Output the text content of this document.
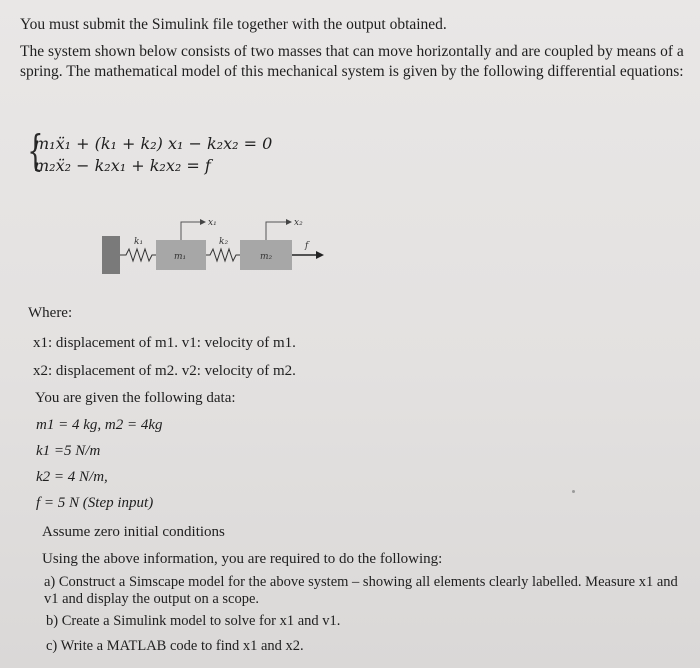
You must submit the Simulink file together with the output obtained.
The system shown below consists of two masses that can move horizontally and are coupled by means of a spring. The mathematical model of this mechanical system is given by the following differential equations:
{
m₁ẍ₁ + (k₁ + k₂) x₁ − k₂x₂ = 0
m₂ẍ₂ − k₂x₁ + k₂x₂ = f
k₁
m₁
x₁
k₂
m₂
x₂
f
Where:
x1: displacement of m1. v1: velocity of m1.
x2: displacement of m2. v2: velocity of m2.
You are given the following data:
m1 = 4 kg, m2 = 4kg
k1 =5 N/m
k2 = 4 N/m,
f = 5 N (Step input)
Assume zero initial conditions
Using the above information, you are required to do the following:
a) Construct a Simscape model for the above system – showing all elements clearly labelled. Measure x1 and v1 and display the output on a scope.
b) Create a Simulink model to solve for x1 and v1.
c) Write a MATLAB code to find x1 and x2.
